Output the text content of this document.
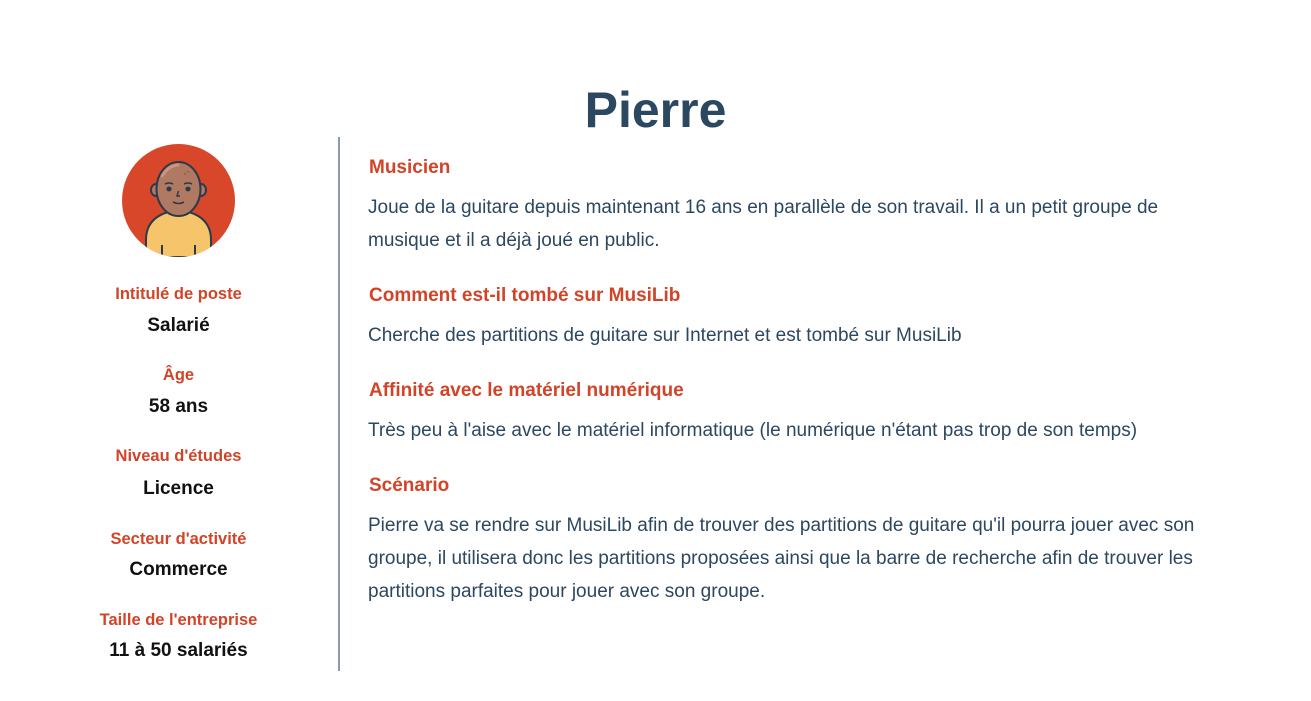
Pierre
Intitulé de poste
Salarié
Âge
58 ans
Niveau d'études
Licence
Secteur d'activité
Commerce
Taille de l'entreprise
11 à 50 salariés
Musicien
Joue de la guitare depuis maintenant 16 ans en parallèle de son travail. Il a un petit groupe de musique et il a déjà joué en public.
Comment est-il tombé sur MusiLib
Cherche des partitions de guitare sur Internet et est tombé sur MusiLib
Affinité avec le matériel numérique
Très peu à l'aise avec le matériel informatique (le numérique n'étant pas trop de son temps)
Scénario
Pierre va se rendre sur MusiLib afin de trouver des partitions de guitare qu'il pourra jouer avec son groupe, il utilisera donc les partitions proposées ainsi que la barre de recherche afin de trouver les partitions parfaites pour jouer avec son groupe.
